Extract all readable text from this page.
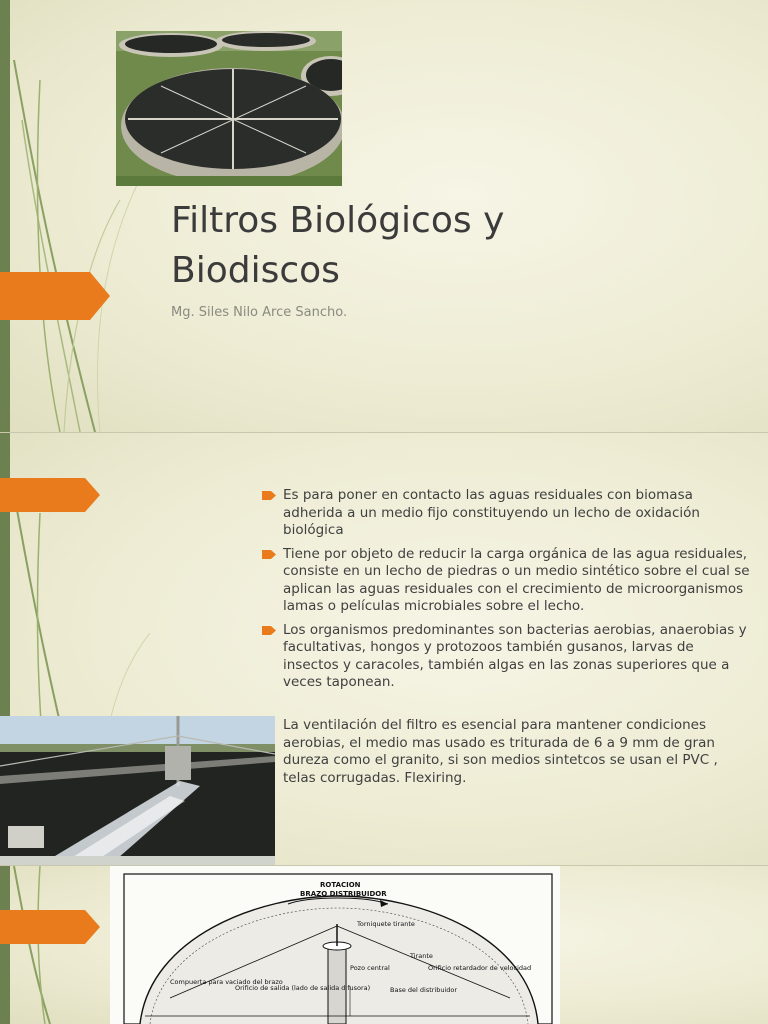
Filtros Biológicos y
Biodiscos
Mg. Siles Nilo Arce Sancho.
Es para poner en contacto las aguas residuales con biomasa adherida a un medio fijo constituyendo un lecho de oxidación biológica
Tiene por objeto de reducir la carga orgánica de las agua residuales, consiste en un lecho de piedras o un medio sintético sobre el cual se aplican las aguas residuales con el crecimiento de microorganismos lamas o películas microbiales sobre el lecho.
Los organismos predominantes son bacterias aerobias, anaerobias y facultativas, hongos y protozoos también gusanos, larvas de insectos y caracoles, también algas en las zonas superiores que a veces taponean.

La ventilación del filtro es esencial para mantener condiciones aerobias, el medio mas usado es triturada de 6 a 9 mm de gran dureza como el granito, si son medios sintetcos se usan el PVC , telas corrugadas. Flexiring.

ROTACION
BRAZO DISTRIBUIDOR
Torniquete tirante
Tirante
Orificio retardador de velocidad
Compuerta para vaciado del brazo
Orificio de salida (lado de salida difusora)
Pozo central
Base del distribuidor
